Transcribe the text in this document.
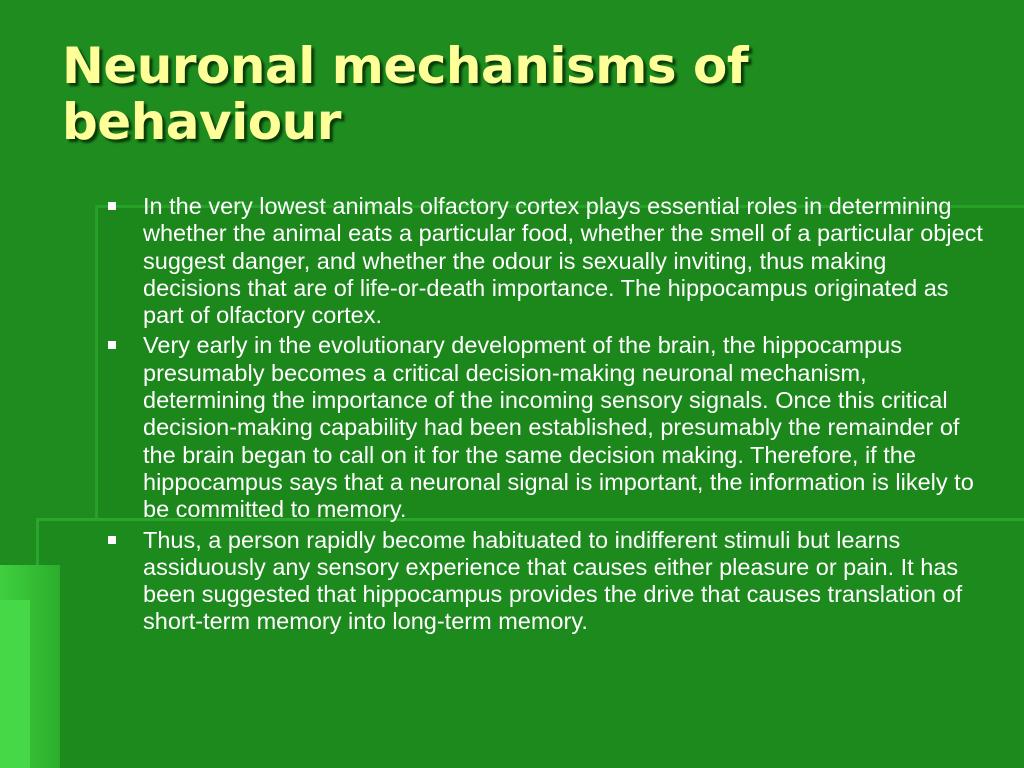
Neuronal mechanisms of behaviour
In the very lowest animals olfactory cortex plays essential roles in determining whether the animal eats a particular food, whether the smell of a particular object suggest danger, and whether the odour is sexually inviting, thus making decisions that are of life-or-death importance. The hippocampus originated as part of olfactory cortex.
Very early in the evolutionary development of the brain, the hippocampus presumably becomes a critical decision-making neuronal mechanism, determining the importance of the incoming sensory signals. Once this critical decision-making capability had been established, presumably the remainder of the brain began to call on it for the same decision making. Therefore, if the hippocampus says that a neuronal signal is important, the information is likely to be committed to memory.
Thus, a person rapidly become habituated to indifferent stimuli but learns assiduously any sensory experience that causes either pleasure or pain. It has been suggested that hippocampus provides the drive that causes translation of short-term memory into long-term memory.
